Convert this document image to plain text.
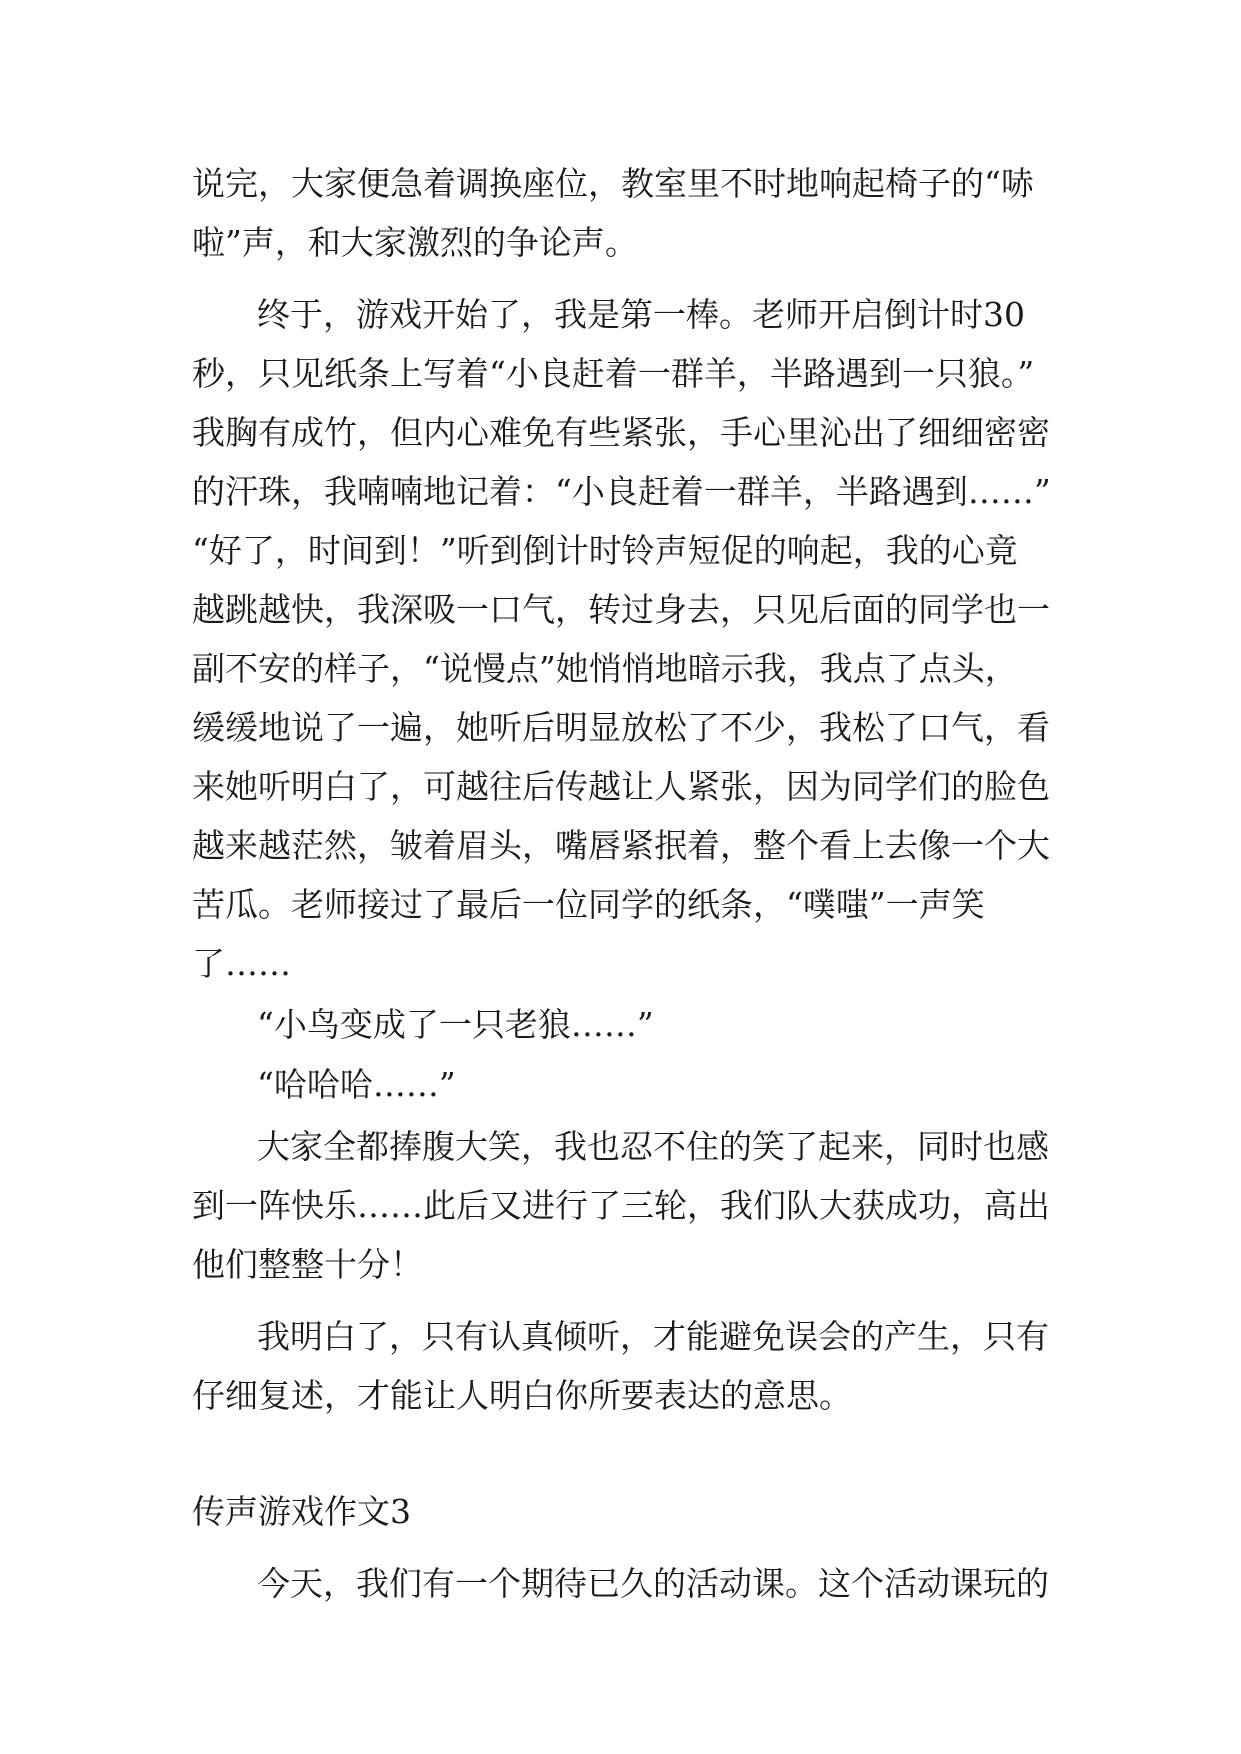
说完，大家便急着调换座位，教室里不时地响起椅子的“哧
啦”声，和大家激烈的争论声。
终于，游戏开始了，我是第一棒。老师开启倒计时30
秒，只见纸条上写着“小良赶着一群羊，半路遇到一只狼。”
我胸有成竹，但内心难免有些紧张，手心里沁出了细细密密
的汗珠，我喃喃地记着：“小良赶着一群羊，半路遇到……”
“好了，时间到！”听到倒计时铃声短促的响起，我的心竟
越跳越快，我深吸一口气，转过身去，只见后面的同学也一
副不安的样子，“说慢点”她悄悄地暗示我，我点了点头，
缓缓地说了一遍，她听后明显放松了不少，我松了口气，看
来她听明白了，可越往后传越让人紧张，因为同学们的脸色
越来越茫然，皱着眉头，嘴唇紧抿着，整个看上去像一个大
苦瓜。老师接过了最后一位同学的纸条，“噗嗤”一声笑
了……
“小鸟变成了一只老狼……”
“哈哈哈……”
大家全都捧腹大笑，我也忍不住的笑了起来，同时也感
到一阵快乐……此后又进行了三轮，我们队大获成功，高出
他们整整十分！
我明白了，只有认真倾听，才能避免误会的产生，只有
仔细复述，才能让人明白你所要表达的意思。
传声游戏作文3
今天，我们有一个期待已久的活动课。这个活动课玩的
